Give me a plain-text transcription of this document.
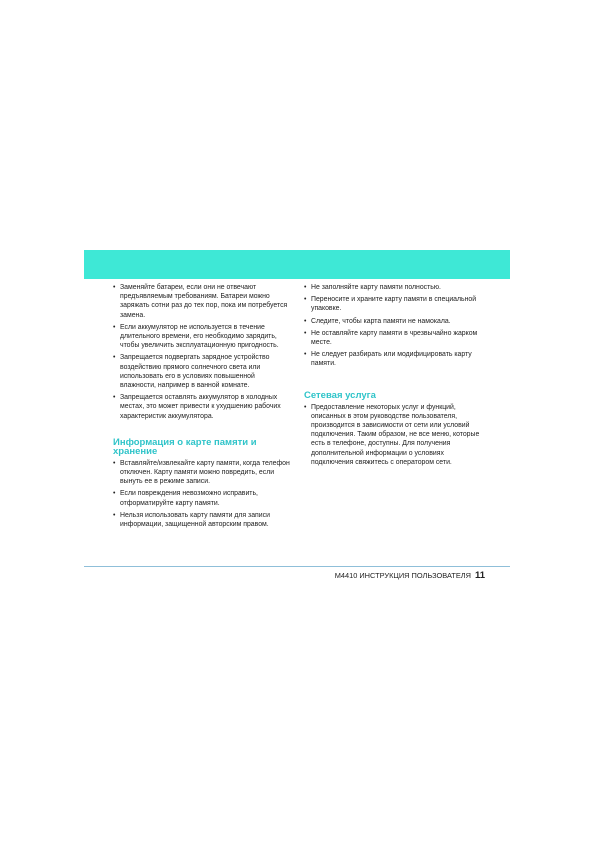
• Заменяйте батареи, если они не отвечают предъявляемым требованиям. Батареи можно заряжать сотни раз до тех пор, пока им потребуется замена.
• Если аккумулятор не используется в течение длительного времени, его необходимо зарядить, чтобы увеличить эксплуатационную пригодность.
• Запрещается подвергать зарядное устройство воздействию прямого солнечного света или использовать его в условиях повышенной влажности, например в ванной комнате.
• Запрещается оставлять аккумулятор в холодных местах, это может привести к ухудшению рабочих характеристик аккумулятора.
Информация о карте памяти и хранение
• Вставляйте/извлекайте карту памяти, когда телефон отключен. Карту памяти можно повредить, если вынуть ее в режиме записи.
• Если повреждения невозможно исправить, отформатируйте карту памяти.
• Нельзя использовать карту памяти для записи информации, защищенной авторским правом.
• Не заполняйте карту памяти полностью.
• Переносите и храните карту памяти в специальной упаковке.
• Следите, чтобы карта памяти не намокала.
• Не оставляйте карту памяти в чрезвычайно жарком месте.
• Не следует разбирать или модифицировать карту памяти.
Сетевая услуга
• Предоставление некоторых услуг и функций, описанных в этом руководстве пользователя, производится в зависимости от сети или условий подключения. Таким образом, не все меню, которые есть в телефоне, доступны. Для получения дополнительной информации о условиях подключения свяжитесь с оператором сети.
M4410 ИНСТРУКЦИЯ ПОЛЬЗОВАТЕЛЯ 11
